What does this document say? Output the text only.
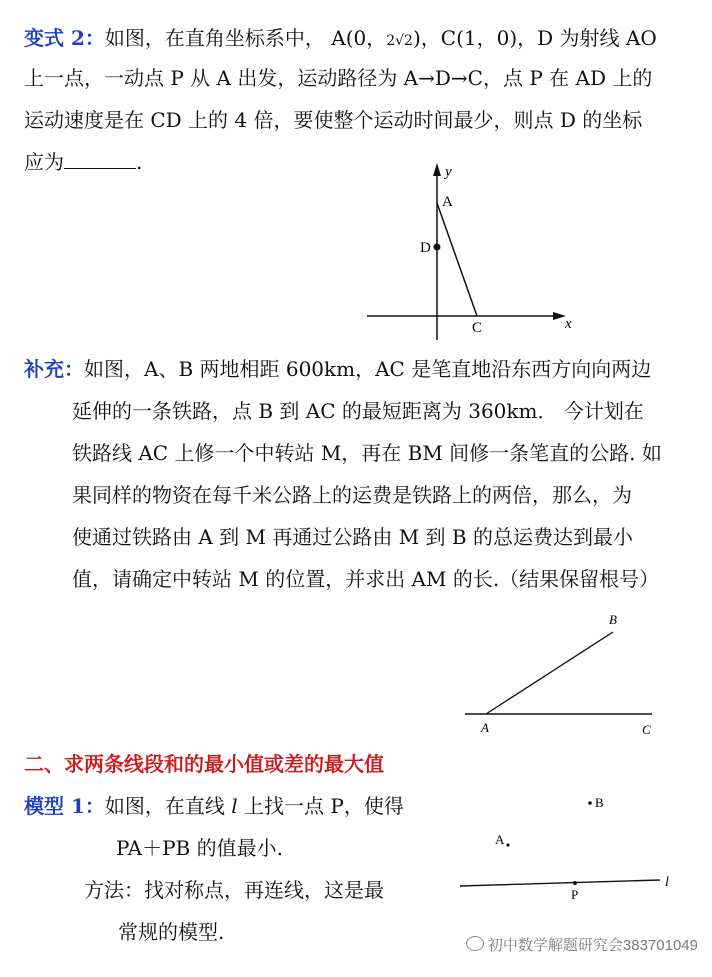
变式 2：如图，在直角坐标系中， A(0，2√2)，C(1，0)，D 为射线 AO
上一点，一动点 P 从 A 出发，运动路径为 A→D→C，点 P 在 AD 上的
运动速度是在 CD 上的 4 倍，要使整个运动时间最少，则点 D 的坐标
应为	.	y
x
A
D
C
补充：如图，A、B 两地相距 600km，AC 是笔直地沿东西方向向两边
延伸的一条铁路，点 B 到 AC 的最短距离为 360km． 今计划在
铁路线 AC 上修一个中转站 M，再在 BM 间修一条笔直的公路. 如
果同样的物资在每千米公路上的运费是铁路上的两倍，那么，为
使通过铁路由 A 到 M 再通过公路由 M 到 B 的总运费达到最小
值，请确定中转站 M 的位置，并求出 AM 的长.（结果保留根号）
A
B
C
二、求两条线段和的最小值或差的最大值
模型 1：如图，在直线 l 上找一点 P，使得
PA＋PB 的值最小.
方法：找对称点，再连线，这是最
常规的模型.
B
A
P
l
初中数学解题研究会383701049
